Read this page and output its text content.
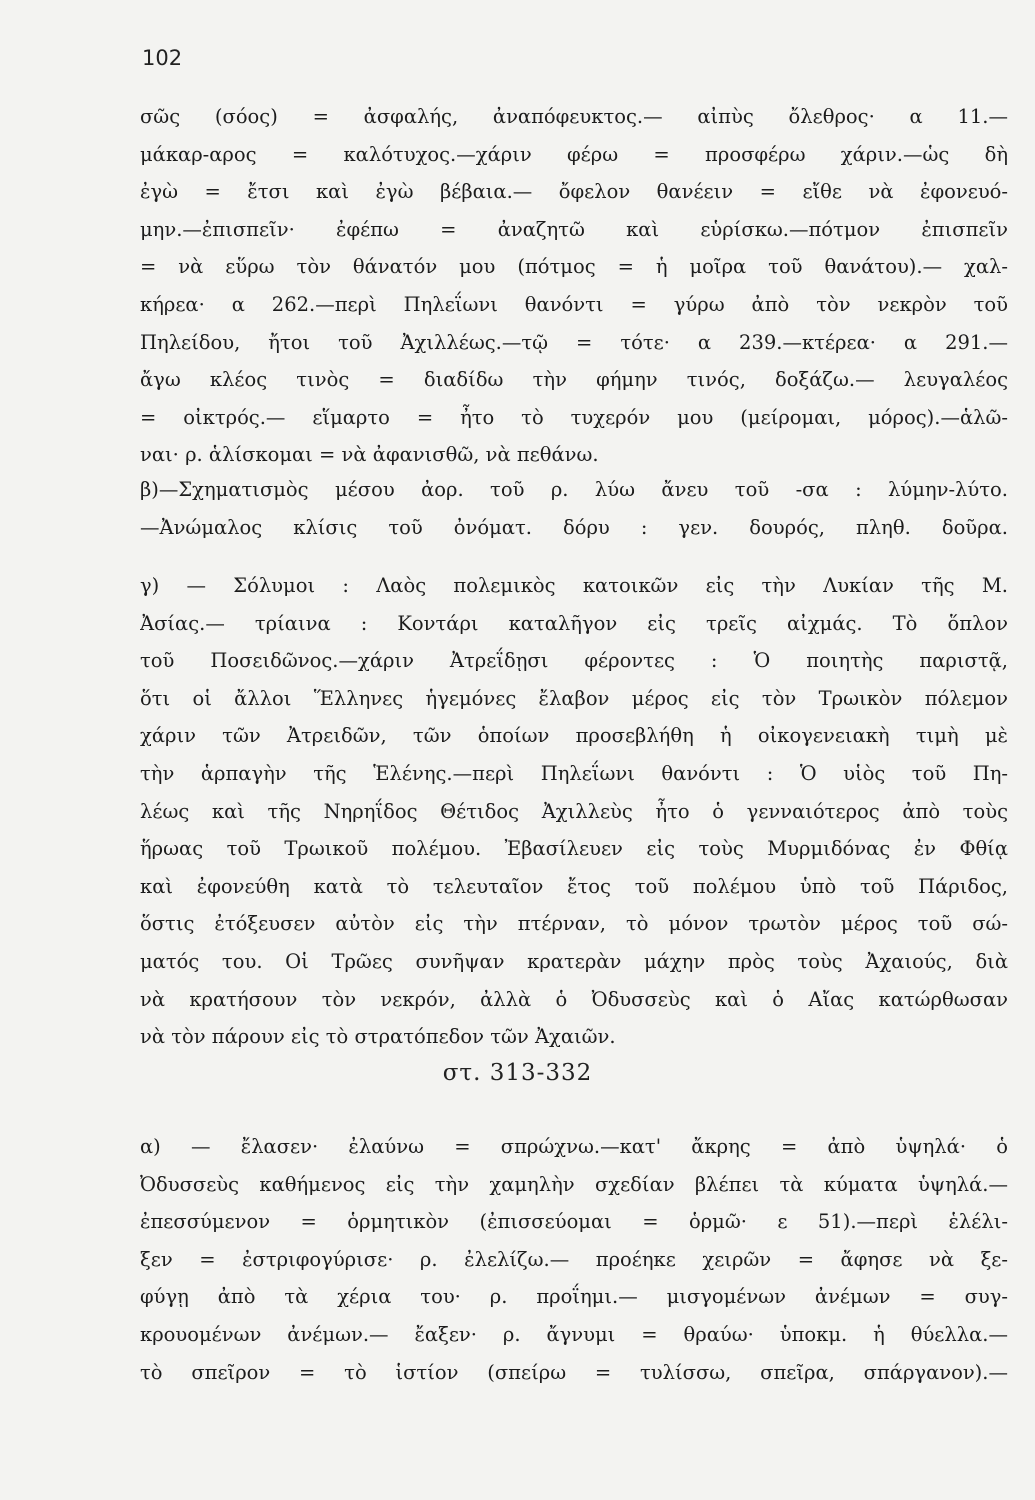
102
σῶς (σόος) = ἀσφαλής, ἀναπόφευκτος.— αἰπὺς ὄλεθρος· α 11.—
μάκαρ-αρος = καλότυχος.—χάριν φέρω = προσφέρω χάριν.—ὡς δὴ
ἐγὼ = ἔτσι καὶ ἐγὼ βέβαια.— ὄφελον θανέειν = εἴθε νὰ ἐφονευό-
μην.—ἐπισπεῖν· ἐφέπω = ἀναζητῶ καὶ εὑρίσκω.—πότμον ἐπισπεῖν
= νὰ εὕρω τὸν θάνατόν μου (πότμος = ἡ μοῖρα τοῦ θανάτου).— χαλ-
κήρεα· α 262.—περὶ Πηλεΐωνι θανόντι = γύρω ἀπὸ τὸν νεκρὸν τοῦ
Πηλείδου, ἤτοι τοῦ Ἀχιλλέως.—τῷ = τότε· α 239.—κτέρεα· α 291.—
ἄγω κλέος τινὸς = διαδίδω τὴν φήμην τινός, δοξάζω.— λευγαλέος
= οἰκτρός.— εἵμαρτο = ἦτο τὸ τυχερόν μου (μείρομαι, μόρος).—ἁλῶ-
ναι· ρ. ἁλίσκομαι = νὰ ἀφανισθῶ, νὰ πεθάνω.
β)—Σχηματισμὸς μέσου ἀορ. τοῦ ρ. λύω ἄνευ τοῦ -σα : λύμην-λύτο.
—Ἀνώμαλος κλίσις τοῦ ὀνόματ. δόρυ : γεν. δουρός, πληθ. δοῦρα.
γ) — Σόλυμοι : Λαὸς πολεμικὸς κατοικῶν εἰς τὴν Λυκίαν τῆς Μ.
Ἀσίας.— τρίαινα : Κοντάρι καταλῆγον εἰς τρεῖς αἰχμάς. Τὸ ὅπλον
τοῦ Ποσειδῶνος.—χάριν Ἀτρεΐδῃσι φέροντες : Ὁ ποιητὴς παριστᾷ,
ὅτι οἱ ἄλλοι Ἕλληνες ἡγεμόνες ἔλαβον μέρος εἰς τὸν Τρωικὸν πόλεμον
χάριν τῶν Ἀτρειδῶν, τῶν ὁποίων προσεβλήθη ἡ οἰκογενειακὴ τιμὴ μὲ
τὴν ἁρπαγὴν τῆς Ἑλένης.—περὶ Πηλεΐωνι θανόντι : Ὁ υἱὸς τοῦ Πη-
λέως καὶ τῆς Νηρηΐδος Θέτιδος Ἀχιλλεὺς ἦτο ὁ γενναιότερος ἀπὸ τοὺς
ἥρωας τοῦ Τρωικοῦ πολέμου. Ἐβασίλευεν εἰς τοὺς Μυρμιδόνας ἐν Φθίᾳ
καὶ ἐφονεύθη κατὰ τὸ τελευταῖον ἔτος τοῦ πολέμου ὑπὸ τοῦ Πάριδος,
ὅστις ἐτόξευσεν αὐτὸν εἰς τὴν πτέρναν, τὸ μόνον τρωτὸν μέρος τοῦ σώ-
ματός του. Οἱ Τρῶες συνῆψαν κρατερὰν μάχην πρὸς τοὺς Ἀχαιούς, διὰ
νὰ κρατήσουν τὸν νεκρόν, ἀλλὰ ὁ Ὀδυσσεὺς καὶ ὁ Αἴας κατώρθωσαν
νὰ τὸν πάρουν εἰς τὸ στρατόπεδον τῶν Ἀχαιῶν.
στ. 313-332
α) — ἔλασεν· ἐλαύνω = σπρώχνω.—κατ' ἄκρης = ἀπὸ ὑψηλά· ὁ
Ὀδυσσεὺς καθήμενος εἰς τὴν χαμηλὴν σχεδίαν βλέπει τὰ κύματα ὑψηλά.—
ἐπεσσύμενον = ὁρμητικὸν (ἐπισσεύομαι = ὁρμῶ· ε 51).—περὶ ἑλέλι-
ξεν = ἐστριφογύρισε· ρ. ἐλελίζω.— προέηκε χειρῶν = ἄφησε νὰ ξε-
φύγῃ ἀπὸ τὰ χέρια του· ρ. προΐημι.— μισγομένων ἀνέμων = συγ-
κρουομένων ἀνέμων.— ἔαξεν· ρ. ἄγνυμι = θραύω· ὑποκμ. ἡ θύελλα.—
τὸ σπεῖρον = τὸ ἱστίον (σπείρω = τυλίσσω, σπεῖρα, σπάργανον).—
